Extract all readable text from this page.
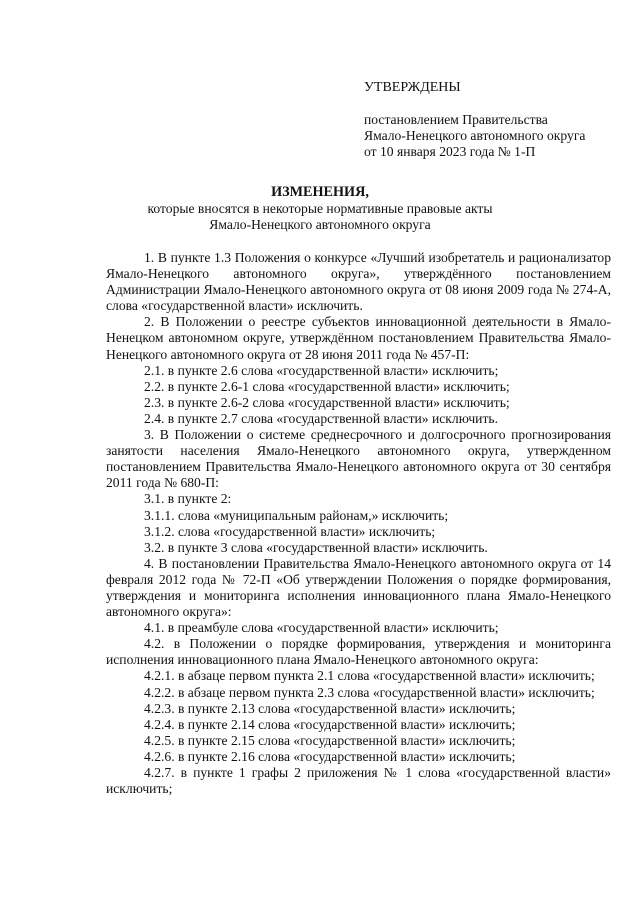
УТВЕРЖДЕНЫ
постановлением Правительства
Ямало-Ненецкого автономного округа
от 10 января 2023 года № 1-П
ИЗМЕНЕНИЯ,
которые вносятся в некоторые нормативные правовые акты
Ямало-Ненецкого автономного округа

1. В пункте 1.3 Положения о конкурсе «Лучший изобретатель и рационализатор Ямало-Ненецкого автономного округа», утверждённого постановлением Администрации Ямало-Ненецкого автономного округа от 08 июня 2009 года № 274-А, слова «государственной власти» исключить.

2. В Положении о реестре субъектов инновационной деятельности в Ямало-Ненецком автономном округе, утверждённом постановлением Правительства Ямало-Ненецкого автономного округа от 28 июня 2011 года № 457-П:

2.1. в пункте 2.6 слова «государственной власти» исключить;

2.2. в пункте 2.6-1 слова «государственной власти» исключить;

2.3. в пункте 2.6-2 слова «государственной власти» исключить;

2.4. в пункте 2.7 слова «государственной власти» исключить.

3. В Положении о системе среднесрочного и долгосрочного прогнозирования занятости населения Ямало-Ненецкого автономного округа, утвержденном постановлением Правительства Ямало-Ненецкого автономного округа от 30 сентября 2011 года № 680-П:

3.1. в пункте 2:

3.1.1. слова «муниципальным районам,» исключить;

3.1.2. слова «государственной власти» исключить;

3.2. в пункте 3 слова «государственной власти» исключить.

4. В постановлении Правительства Ямало-Ненецкого автономного округа от 14 февраля 2012 года № 72-П «Об утверждении Положения о порядке формирования, утверждения и мониторинга исполнения инновационного плана Ямало-Ненецкого автономного округа»:

4.1. в преамбуле слова «государственной власти» исключить;

4.2. в Положении о порядке формирования, утверждения и мониторинга исполнения инновационного плана Ямало-Ненецкого автономного округа:

4.2.1. в абзаце первом пункта 2.1 слова «государственной власти» исключить;

4.2.2. в абзаце первом пункта 2.3 слова «государственной власти» исключить;

4.2.3. в пункте 2.13 слова «государственной власти» исключить;

4.2.4. в пункте 2.14 слова «государственной власти» исключить;

4.2.5. в пункте 2.15 слова «государственной власти» исключить;

4.2.6. в пункте 2.16 слова «государственной власти» исключить;

4.2.7. в пункте 1 графы 2 приложения № 1 слова «государственной власти» исключить;
